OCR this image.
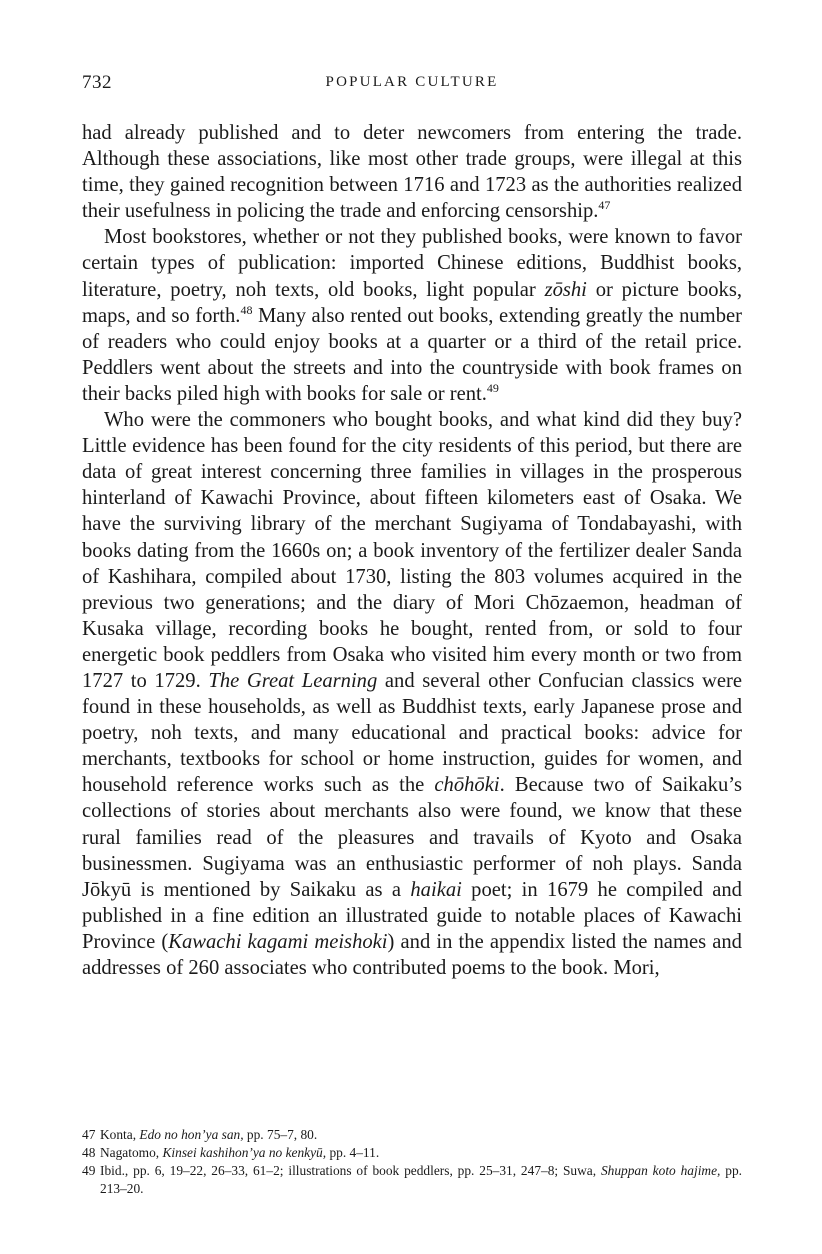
732	POPULAR CULTURE

had already published and to deter newcomers from entering the trade. Although these associations, like most other trade groups, were illegal at this time, they gained recognition between 1716 and 1723 as the authorities realized their usefulness in policing the trade and enforcing censorship.$^{47}$

Most bookstores, whether or not they published books, were known to favor certain types of publication: imported Chinese editions, Buddhist books, literature, poetry, noh texts, old books, light popular zōshi or picture books, maps, and so forth.$^{48}$ Many also rented out books, extending greatly the number of readers who could enjoy books at a quarter or a third of the retail price. Peddlers went about the streets and into the countryside with book frames on their backs piled high with books for sale or rent.$^{49}$

Who were the commoners who bought books, and what kind did they buy? Little evidence has been found for the city residents of this period, but there are data of great interest concerning three families in villages in the prosperous hinterland of Kawachi Province, about fifteen kilometers east of Osaka. We have the surviving library of the merchant Sugiyama of Tondabayashi, with books dating from the 1660s on; a book inventory of the fertilizer dealer Sanda of Kashihara, compiled about 1730, listing the 803 volumes acquired in the previous two generations; and the diary of Mori Chōzaemon, headman of Kusaka village, recording books he bought, rented from, or sold to four energetic book peddlers from Osaka who visited him every month or two from 1727 to 1729. The Great Learning and several other Confucian classics were found in these households, as well as Buddhist texts, early Japanese prose and poetry, noh texts, and many educational and practical books: advice for merchants, textbooks for school or home instruction, guides for women, and household reference works such as the chōhōki. Because two of Saikaku’s collections of stories about merchants also were found, we know that these rural families read of the pleasures and travails of Kyoto and Osaka businessmen. Sugiyama was an enthusiastic performer of noh plays. Sanda Jōkyū is mentioned by Saikaku as a haikai poet; in 1679 he compiled and published in a fine edition an illustrated guide to notable places of Kawachi Province (Kawachi kagami meishoki) and in the appendix listed the names and addresses of 260 associates who contributed poems to the book. Mori,

47 Konta, Edo no hon’ya san, pp. 75–7, 80.
48 Nagatomo, Kinsei kashihon’ya no kenkyū, pp. 4–11.
49 Ibid., pp. 6, 19–22, 26–33, 61–2; illustrations of book peddlers, pp. 25–31, 247–8; Suwa, Shuppan koto hajime, pp. 213–20.
